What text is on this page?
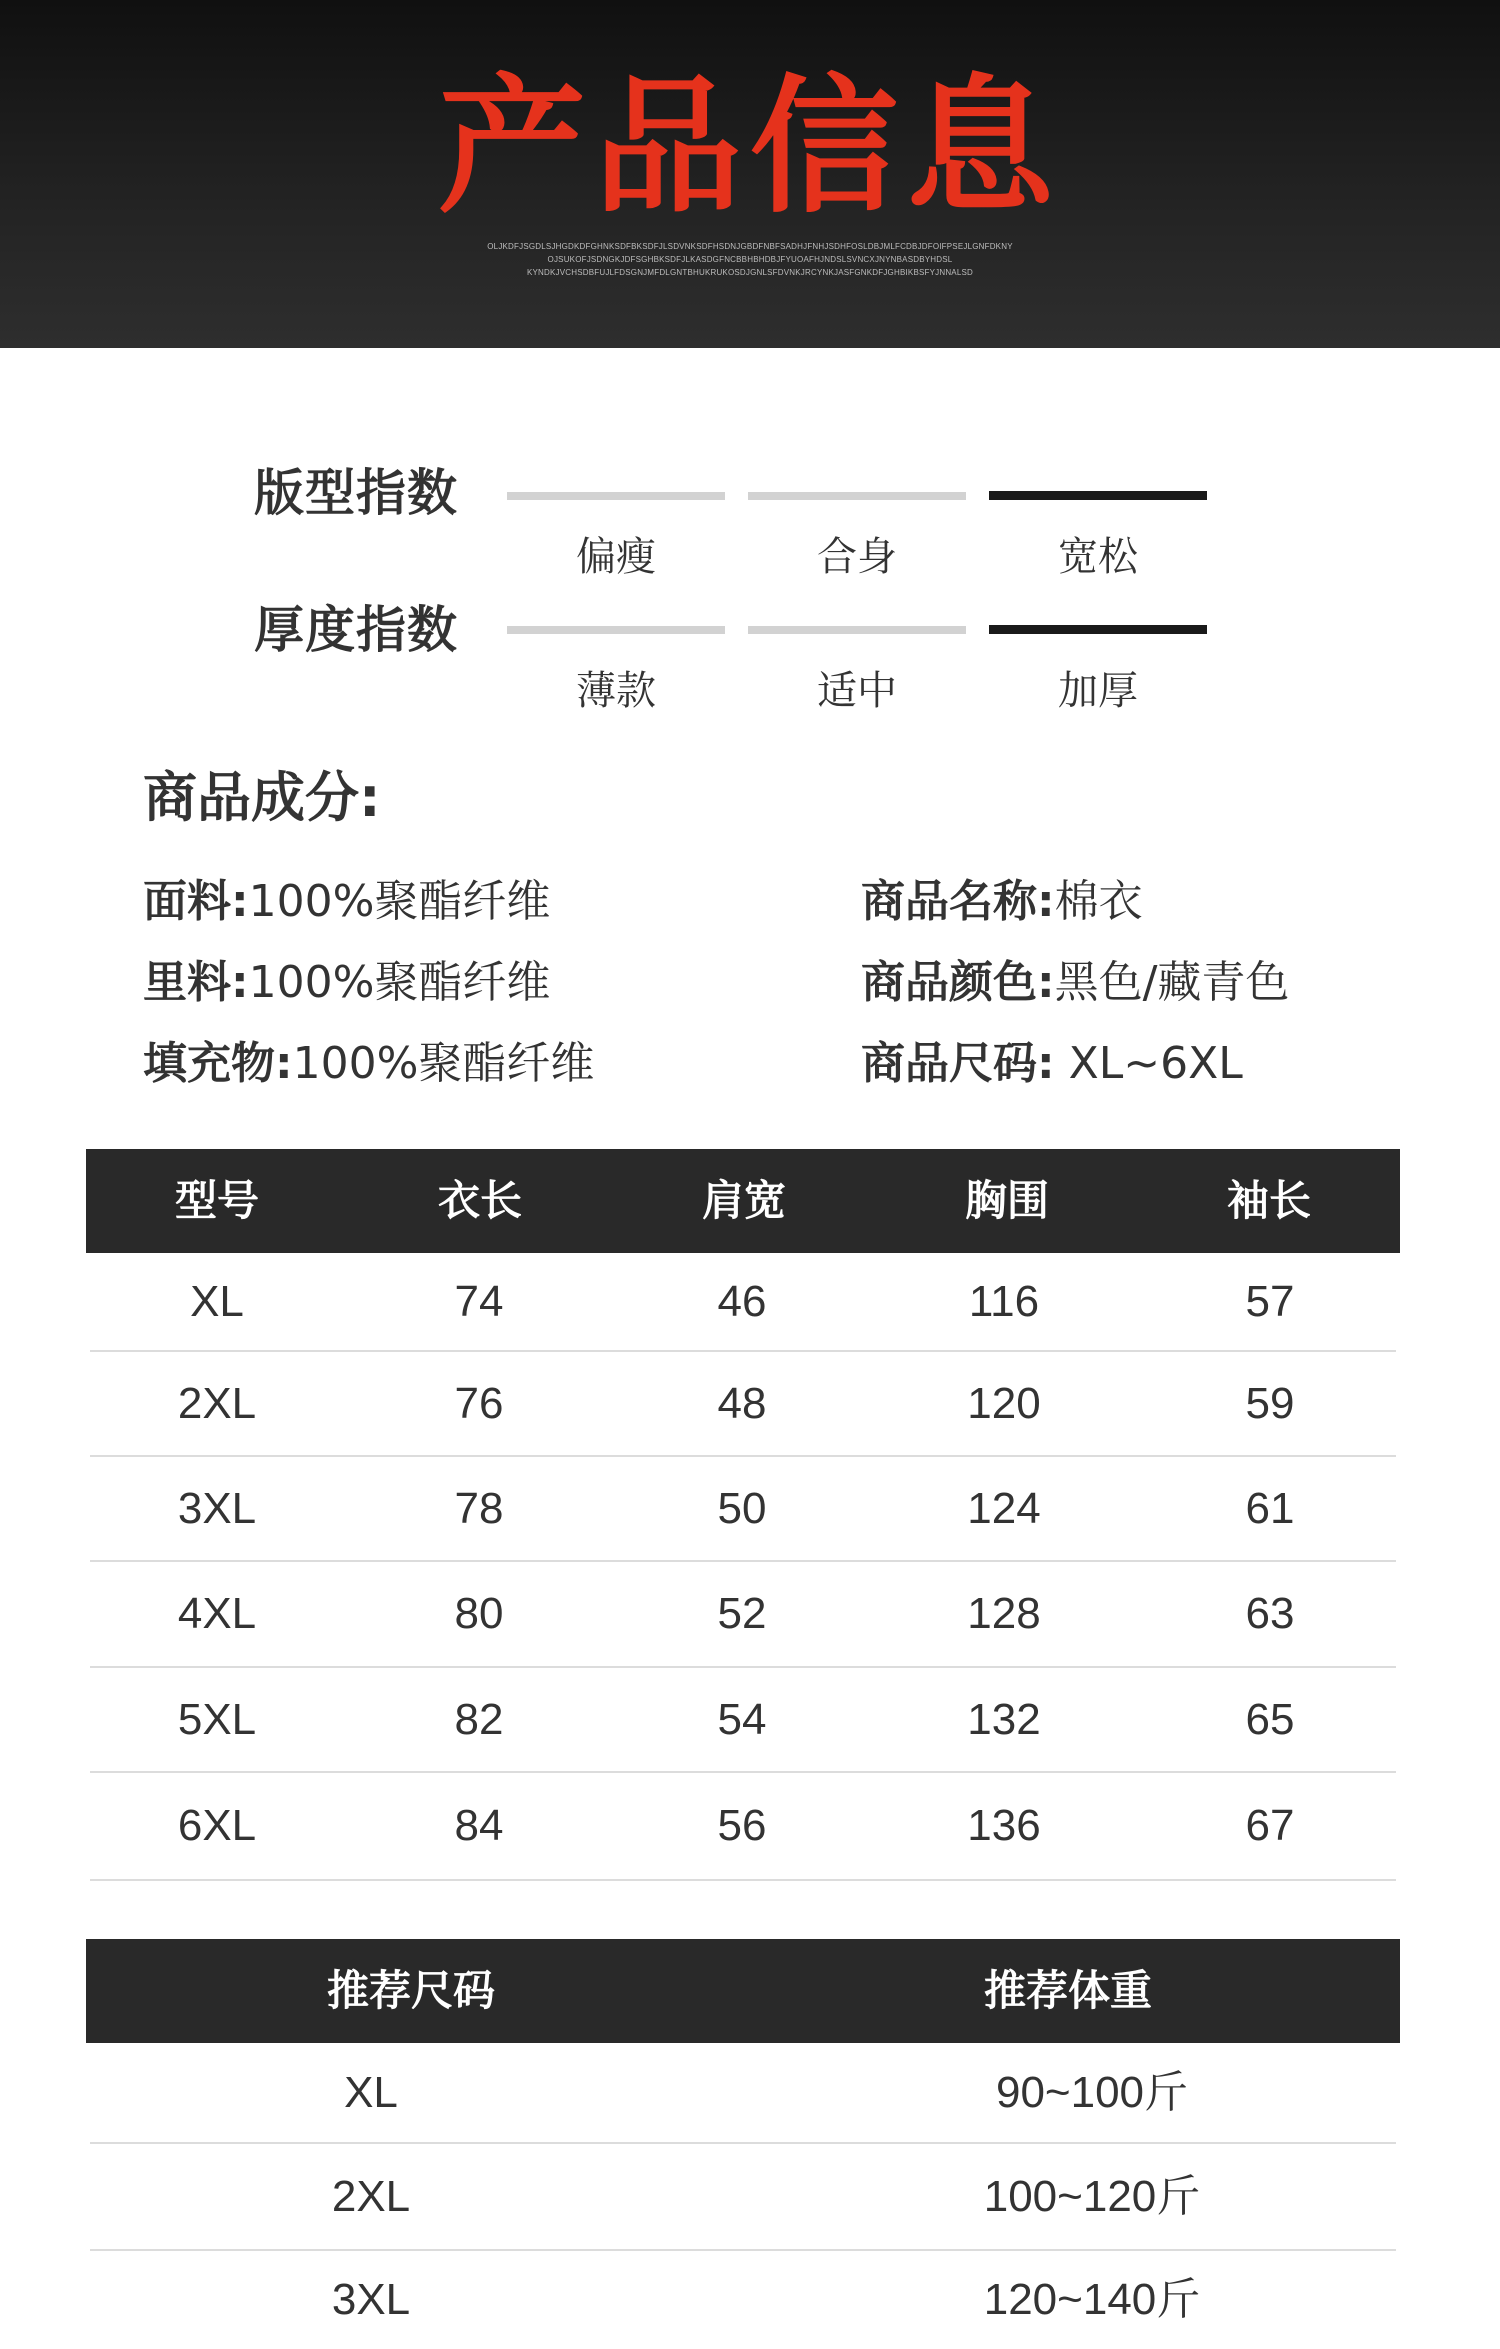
产品信息
OLJKDFJSGDLSJHGDKDFGHNKSDFBKSDFJLSDVNKSDFHSDNJGBDFNBFSADHJFNHJSDHFOSLDBJMLFCDBJDFOIFPSEJLGNFDKNY
OJSUKOFJSDNGKJDFSGHBKSDFJLKASDGFNCBBHBHDBJFYUOAFHJNDSLSVNCXJNYNBASDBYHDSL
KYNDKJVCHSDBFUJLFDSGNJMFDLGNTBHUKRUKOSDJGNLSFDVNKJRCYNKJASFGNKDFJGHBIKBSFYJNNALSD
版型指数
偏瘦	合身	宽松
厚度指数
薄款	适中	加厚
商品成分:
面料:100%聚酯纤维
里料:100%聚酯纤维
填充物:100%聚酯纤维
商品名称:棉衣
商品颜色:黑色/藏青色
商品尺码: XL~6XL
型号	衣长	肩宽	胸围	袖长
XL	74	46	116	57
2XL	76	48	120	59
3XL	78	50	124	61
4XL	80	52	128	63
5XL	82	54	132	65
6XL	84	56	136	67
推荐尺码	推荐体重
XL	90~100斤
2XL	100~120斤
3XL	120~140斤
